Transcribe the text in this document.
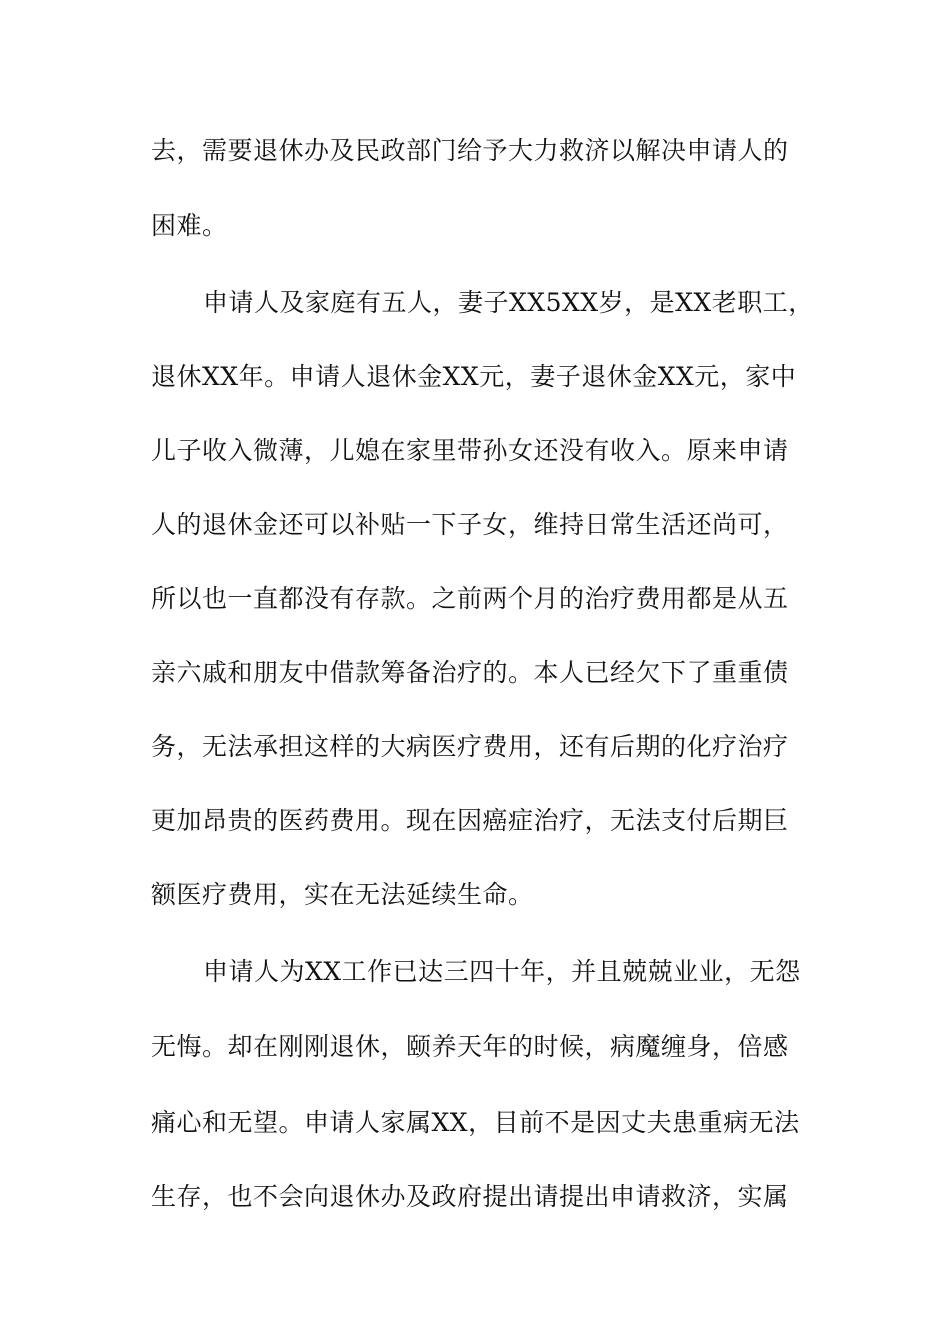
去，需要退休办及民政部门给予大力救济以解决申请人的
困难。
申请人及家庭有五人，妻子XX5XX岁，是XX老职工，
退休XX年。申请人退休金XX元，妻子退休金XX元，家中
儿子收入微薄，儿媳在家里带孙女还没有收入。原来申请
人的退休金还可以补贴一下子女，维持日常生活还尚可，
所以也一直都没有存款。之前两个月的治疗费用都是从五
亲六戚和朋友中借款筹备治疗的。本人已经欠下了重重债
务，无法承担这样的大病医疗费用，还有后期的化疗治疗
更加昂贵的医药费用。现在因癌症治疗，无法支付后期巨
额医疗费用，实在无法延续生命。
申请人为XX工作已达三四十年，并且兢兢业业，无怨
无悔。却在刚刚退休，颐养天年的时候，病魔缠身，倍感
痛心和无望。申请人家属XX，目前不是因丈夫患重病无法
生存，也不会向退休办及政府提出请提出申请救济，实属
